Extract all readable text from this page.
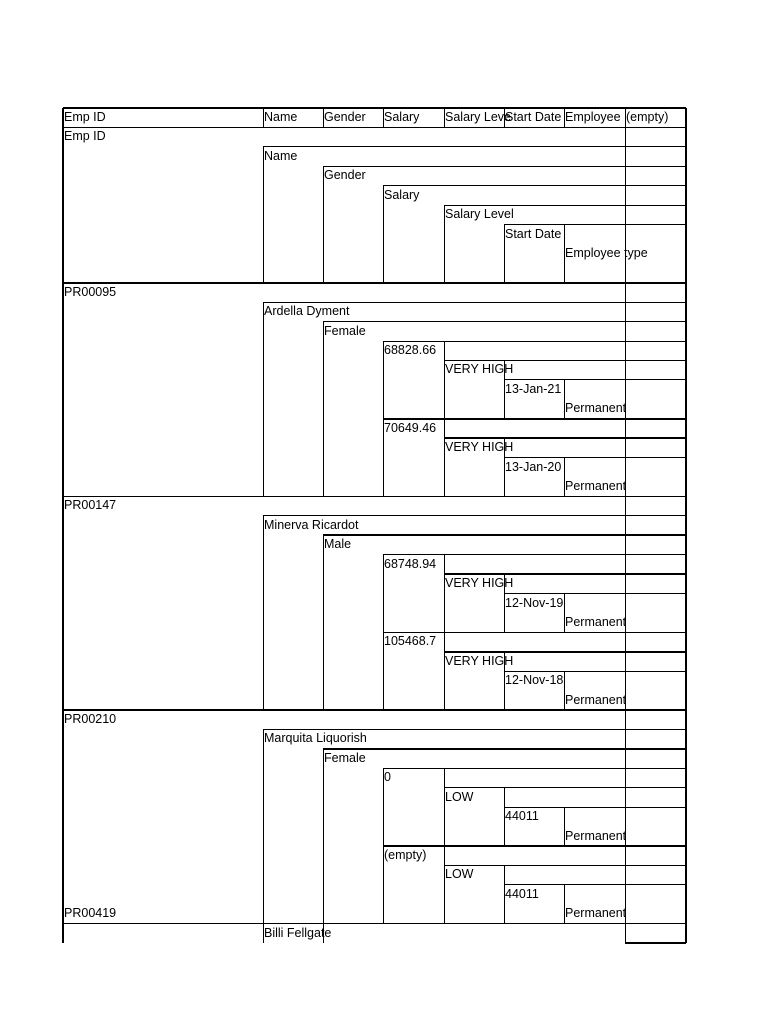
68828.66
VERY HIGH
13-Jan-21
Permanent
70649.46
VERY HIGH
13-Jan-20
Permanent
68748.94
VERY HIGH
12-Nov-19
Permanent
105468.7
VERY HIGH
12-Nov-18
Permanent
0
LOW
44011
Permanent
(empty)
LOW
44011
Permanent
Emp ID	Name Gender Salary Salary Leve
Start Date Employee (empty)
Emp ID
Name
Gender
Salary
Salary Level
Start Date
Employee type
PR00095
Ardella Dyment
Female
PR00147
Minerva Ricardot
Male
PR00210
Marquita Liquorish
Female
PR00419
Billi Fellgate
